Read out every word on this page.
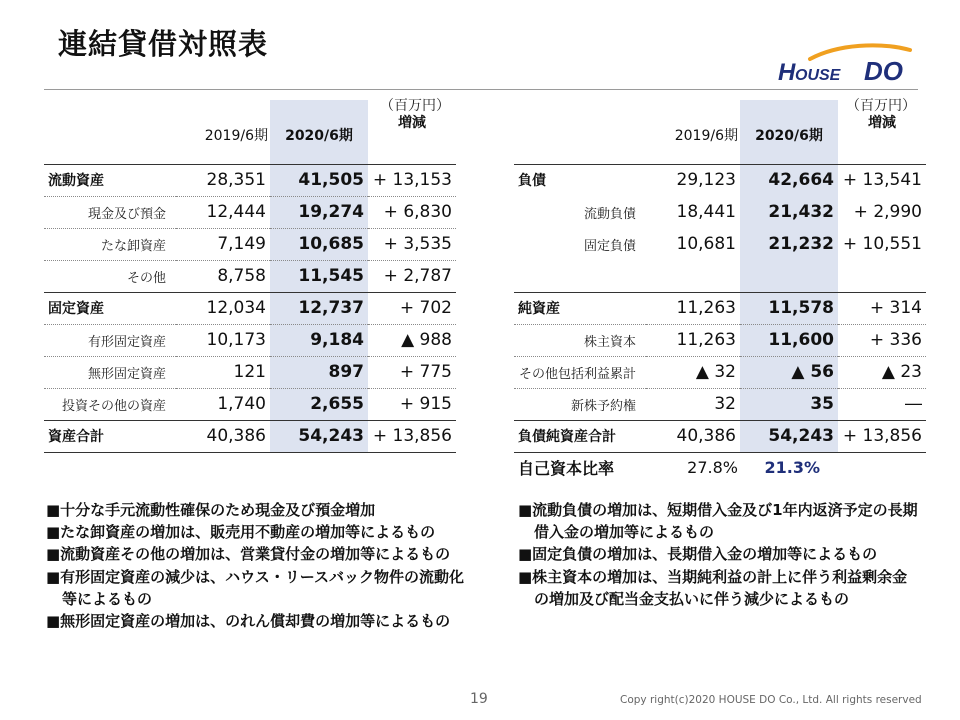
連結貸借対照表
H OUSE DO
（百万円）	（百万円）
	2019/6期	2020/6期	増減
流動資産	28,351	41,505	+ 13,153
現金及び預金	12,444	19,274	+ 6,830
たな卸資産	7,149	10,685	+ 3,535
その他	8,758	11,545	+ 2,787
固定資産	12,034	12,737	+ 702
有形固定資産	10,173	9,184	▲ 988
無形固定資産	121	897	+ 775
投資その他の資産	1,740	2,655	+ 915
資産合計	40,386	54,243	+ 13,856
	2019/6期	2020/6期	増減
負債	29,123	42,664	+ 13,541
流動負債	18,441	21,432	+ 2,990
固定負債	10,681	21,232	+ 10,551

純資産	11,263	11,578	+ 314
株主資本	11,263	11,600	+ 336
その他包括利益累計	▲ 32	▲ 56	▲ 23
新株予約権	32	35	―
負債純資産合計	40,386	54,243	+ 13,856
自己資本比率	27.8%	21.3%
■十分な手元流動性確保のため現金及び預金増加
■たな卸資産の増加は、販売用不動産の増加等によるもの
■流動資産その他の増加は、営業貸付金の増加等によるもの
■有形固定資産の減少は、ハウス・リースバック物件の流動化等によるもの
■無形固定資産の増加は、のれん償却費の増加等によるもの
■流動負債の増加は、短期借入金及び1年内返済予定の長期借入金の増加等によるもの
■固定負債の増加は、長期借入金の増加等によるもの
■株主資本の増加は、当期純利益の計上に伴う利益剰余金の増加及び配当金支払いに伴う減少によるもの
19	Copy right(c)2020 HOUSE DO Co., Ltd. All rights reserved
